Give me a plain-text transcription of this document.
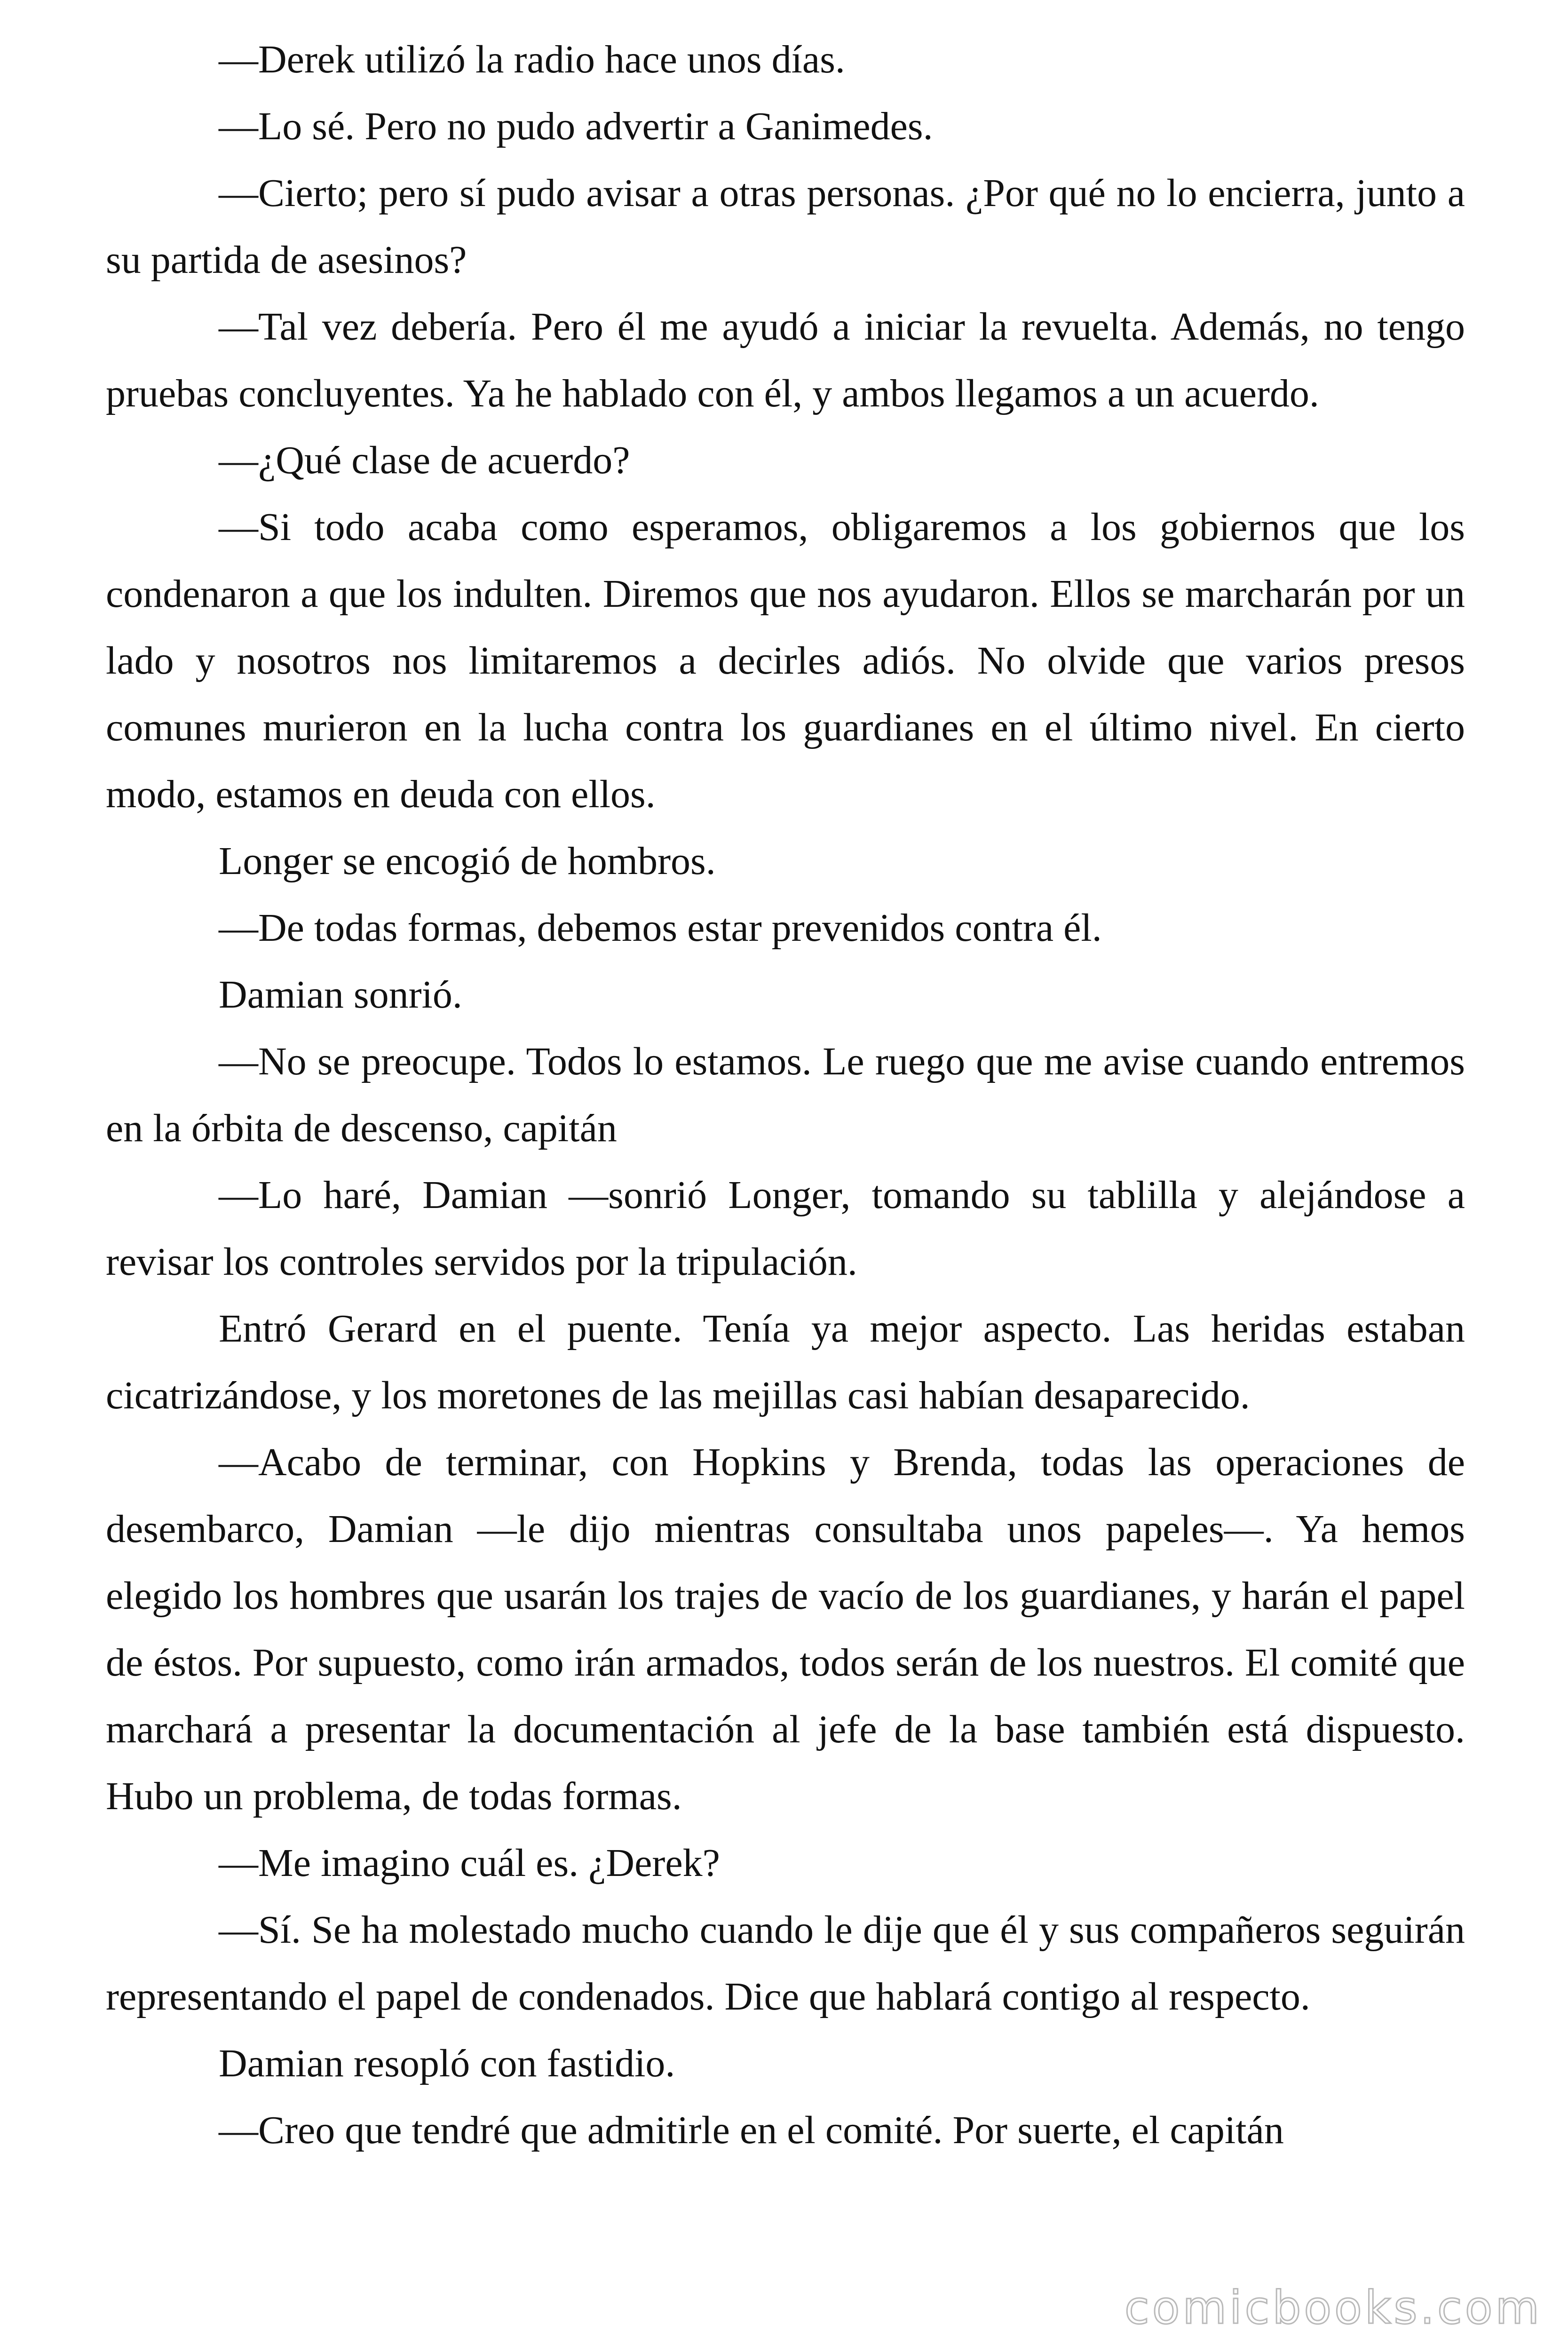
—Derek utilizó la radio hace unos días.

—Lo sé. Pero no pudo advertir a Ganimedes.

—Cierto; pero sí pudo avisar a otras personas. ¿Por qué no lo encierra, junto a su partida de asesinos?

—Tal vez debería. Pero él me ayudó a iniciar la revuelta. Además, no tengo pruebas concluyentes. Ya he hablado con él, y ambos llegamos a un acuerdo.

—¿Qué clase de acuerdo?

—Si todo acaba como esperamos, obligaremos a los gobiernos que los condenaron a que los indulten. Diremos que nos ayudaron. Ellos se marcharán por un lado y nosotros nos limitaremos a decirles adiós. No olvide que varios presos comunes murieron en la lucha contra los guardianes en el último nivel. En cierto modo, estamos en deuda con ellos.

Longer se encogió de hombros.

—De todas formas, debemos estar prevenidos contra él.

Damian sonrió.

—No se preocupe. Todos lo estamos. Le ruego que me avise cuando entremos en la órbita de descenso, capitán

—Lo haré, Damian —sonrió Longer, tomando su tablilla y alejándose a revisar los controles servidos por la tripulación.

Entró Gerard en el puente. Tenía ya mejor aspecto. Las heridas estaban cicatrizándose, y los moretones de las mejillas casi habían desaparecido.

—Acabo de terminar, con Hopkins y Brenda, todas las operaciones de desembarco, Damian —le dijo mientras consultaba unos papeles—. Ya hemos elegido los hombres que usarán los trajes de vacío de los guardianes, y harán el papel de éstos. Por supuesto, como irán armados, todos serán de los nuestros. El comité que marchará a presentar la documentación al jefe de la base también está dispuesto. Hubo un problema, de todas formas.

—Me imagino cuál es. ¿Derek?

—Sí. Se ha molestado mucho cuando le dije que él y sus compañeros seguirán representando el papel de condenados. Dice que hablará contigo al respecto.

Damian resopló con fastidio.

—Creo que tendré que admitirle en el comité. Por suerte, el capitán

comicbooks.com
